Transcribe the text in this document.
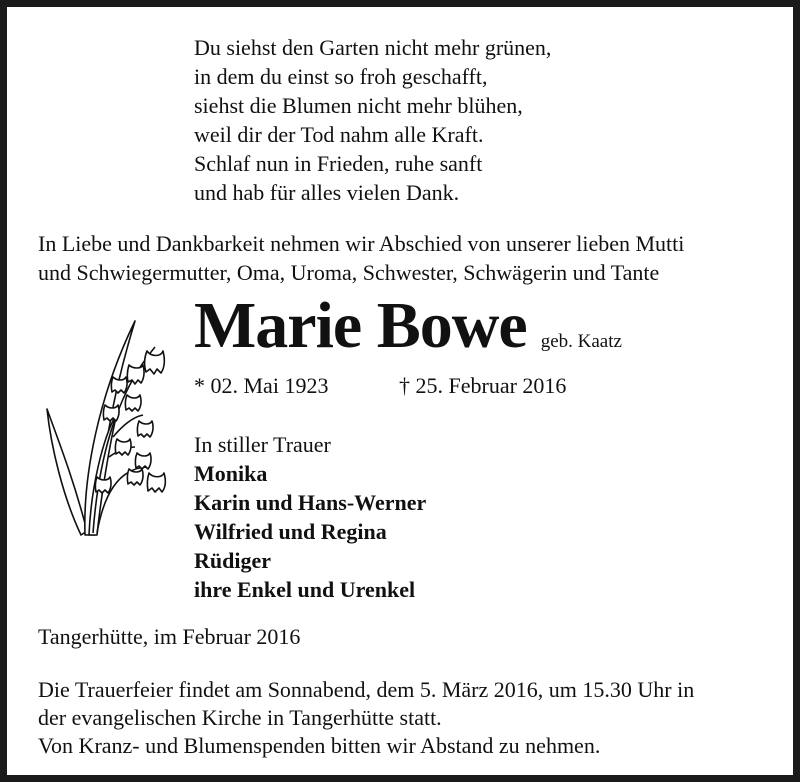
Du siehst den Garten nicht mehr grünen,
in dem du einst so froh geschafft,
siehst die Blumen nicht mehr blühen,
weil dir der Tod nahm alle Kraft.
Schlaf nun in Frieden, ruhe sanft
und hab für alles vielen Dank.
In Liebe und Dankbarkeit nehmen wir Abschied von unserer lieben Mutti
und Schwiegermutter, Oma, Uroma, Schwester, Schwägerin und Tante
Marie Bowe geb. Kaatz
* 02. Mai 1923	† 25. Februar 2016
In stiller Trauer
Monika
Karin und Hans-Werner
Wilfried und Regina
Rüdiger
ihre Enkel und Urenkel
Tangerhütte, im Februar 2016
Die Trauerfeier findet am Sonnabend, dem 5. März 2016, um 15.30 Uhr in
der evangelischen Kirche in Tangerhütte statt.
Von Kranz- und Blumenspenden bitten wir Abstand zu nehmen.
